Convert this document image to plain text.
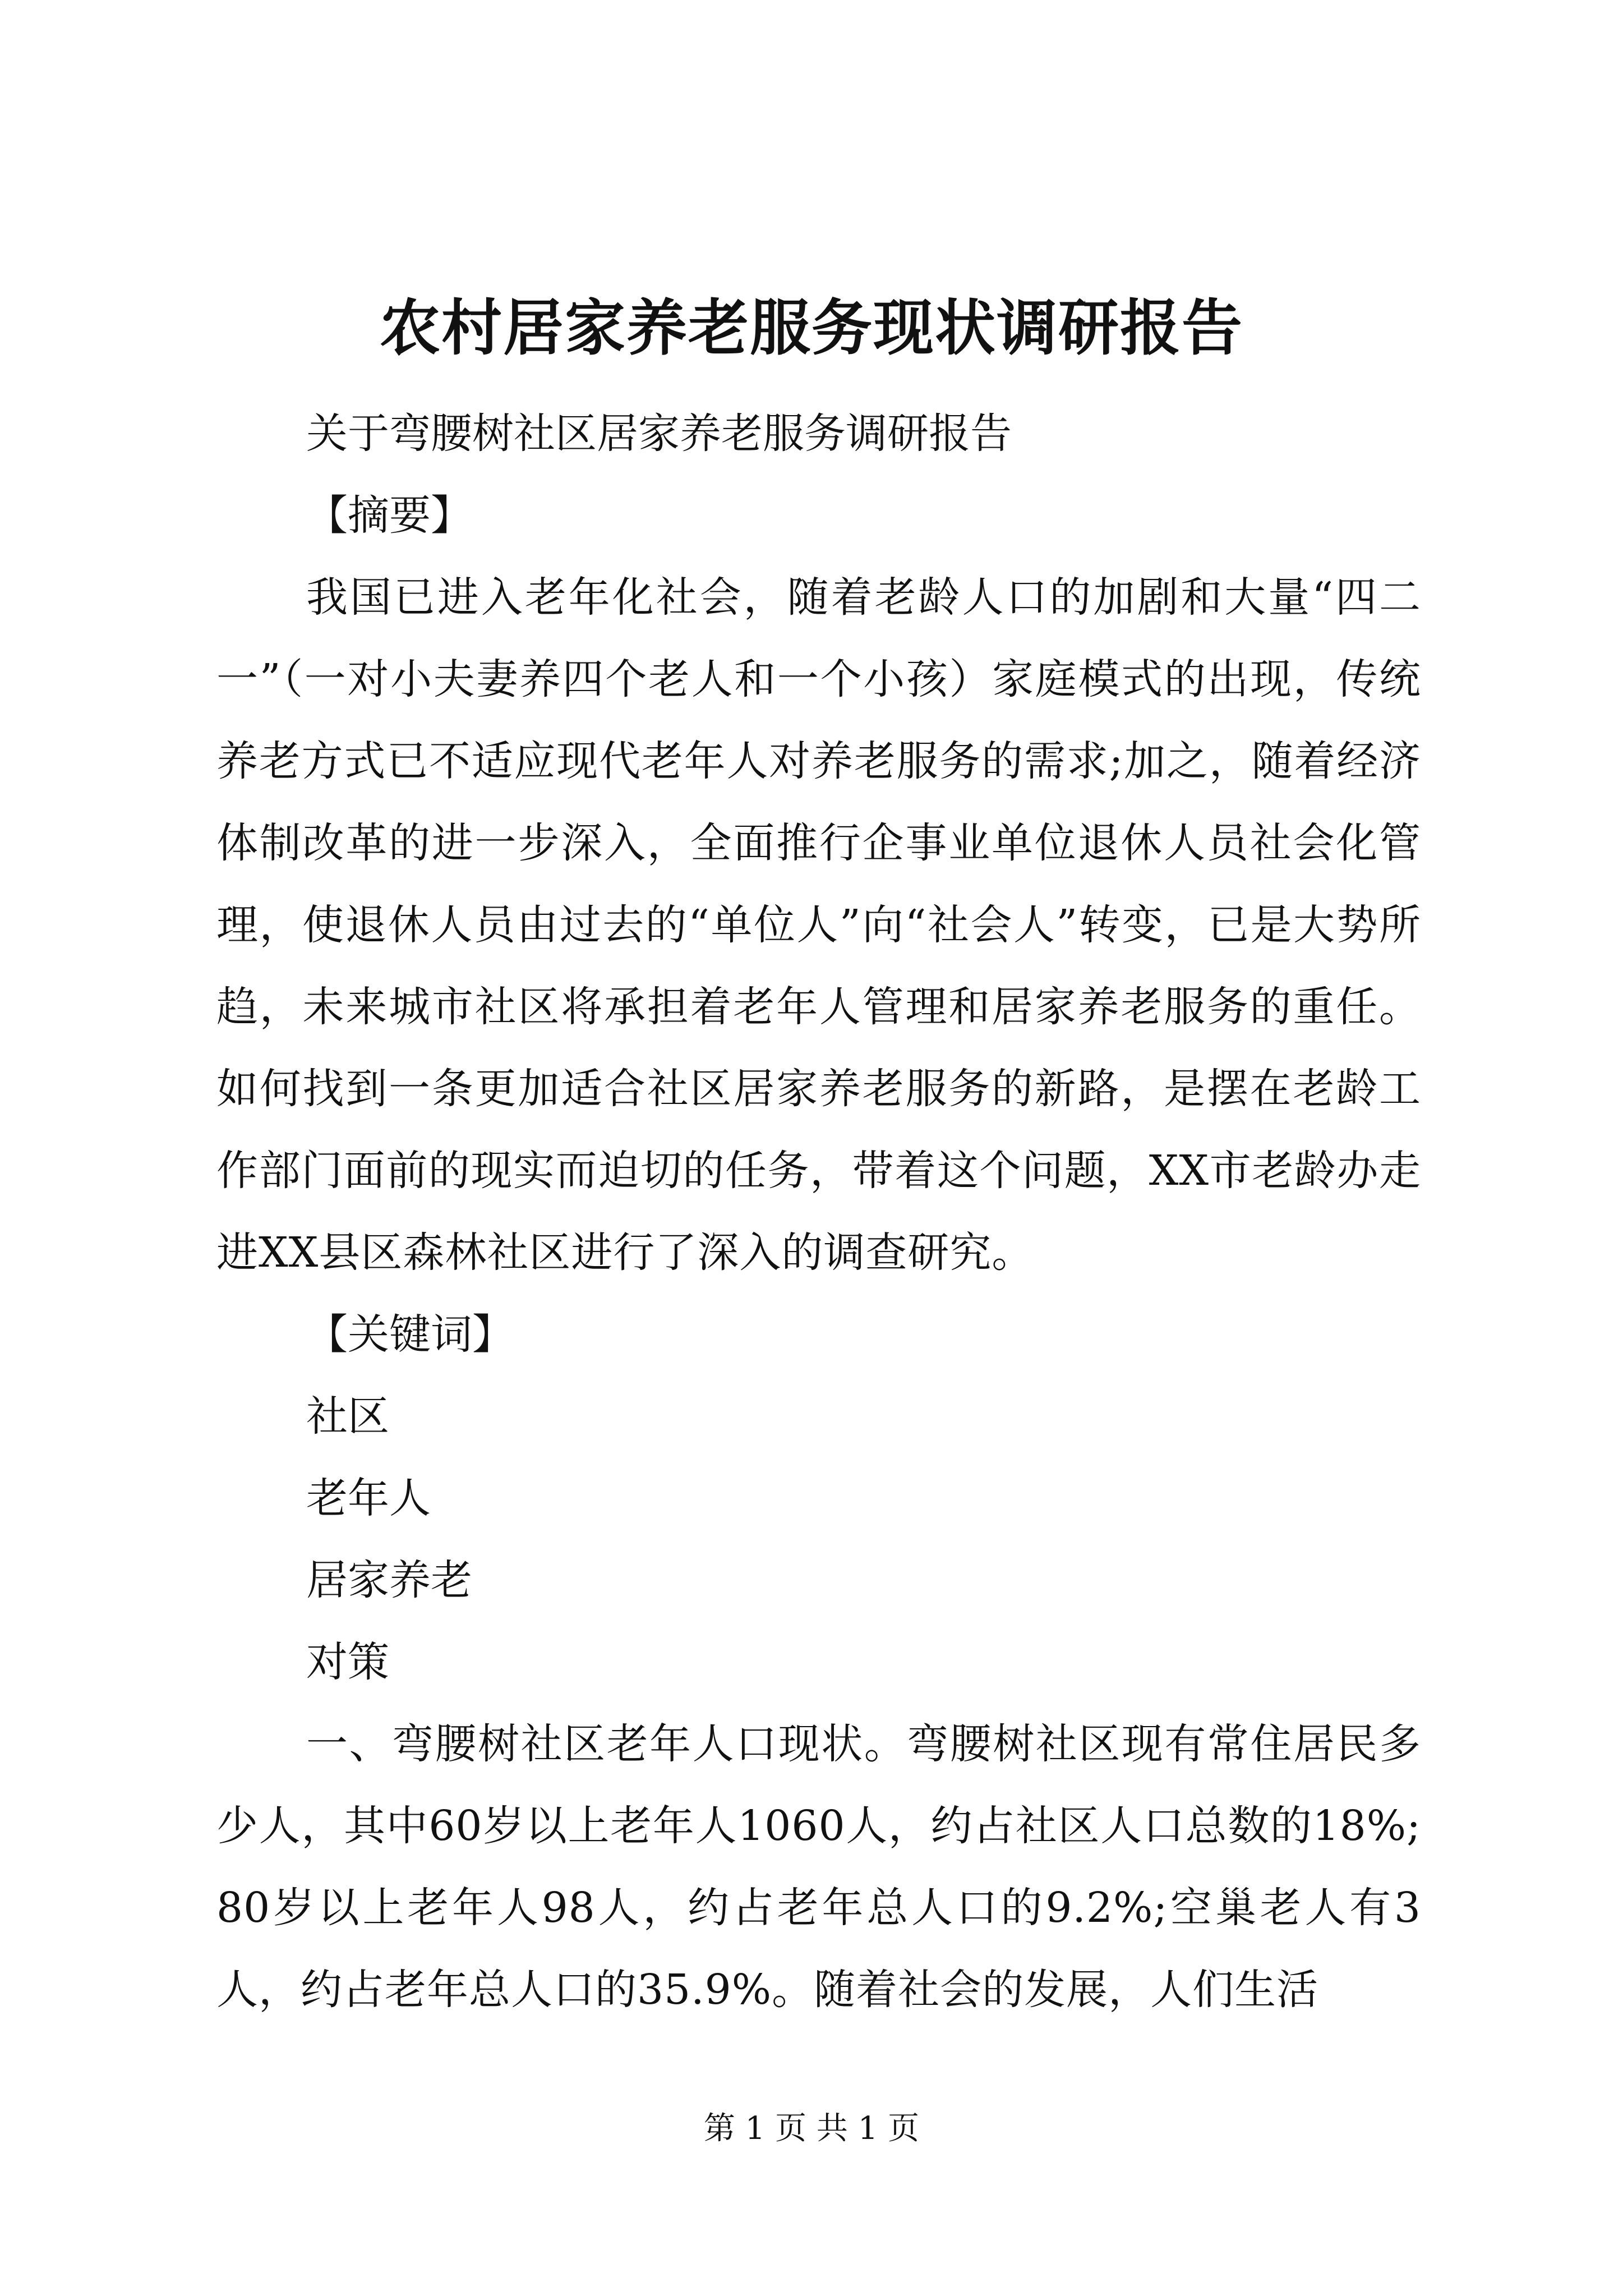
农村居家养老服务现状调研报告

关于弯腰树社区居家养老服务调研报告

【摘要】

我国已进入老年化社会，随着老龄人口的加剧和大量“四二一”（一对小夫妻养四个老人和一个小孩）家庭模式的出现，传统养老方式已不适应现代老年人对养老服务的需求;加之，随着经济体制改革的进一步深入，全面推行企事业单位退休人员社会化管理，使退休人员由过去的“单位人”向“社会人”转变，已是大势所趋，未来城市社区将承担着老年人管理和居家养老服务的重任。如何找到一条更加适合社区居家养老服务的新路，是摆在老龄工作部门面前的现实而迫切的任务，带着这个问题，XX市老龄办走进XX县区森林社区进行了深入的调查研究。

【关键词】

社区

老年人

居家养老

对策

一、弯腰树社区老年人口现状。弯腰树社区现有常住居民多少人，其中60岁以上老年人1060人，约占社区人口总数的18%;80岁以上老年人98人，约占老年总人口的9.2%;空巢老人有3人，约占老年总人口的35.9%。随着社会的发展，人们生活

第 1 页 共 1 页
